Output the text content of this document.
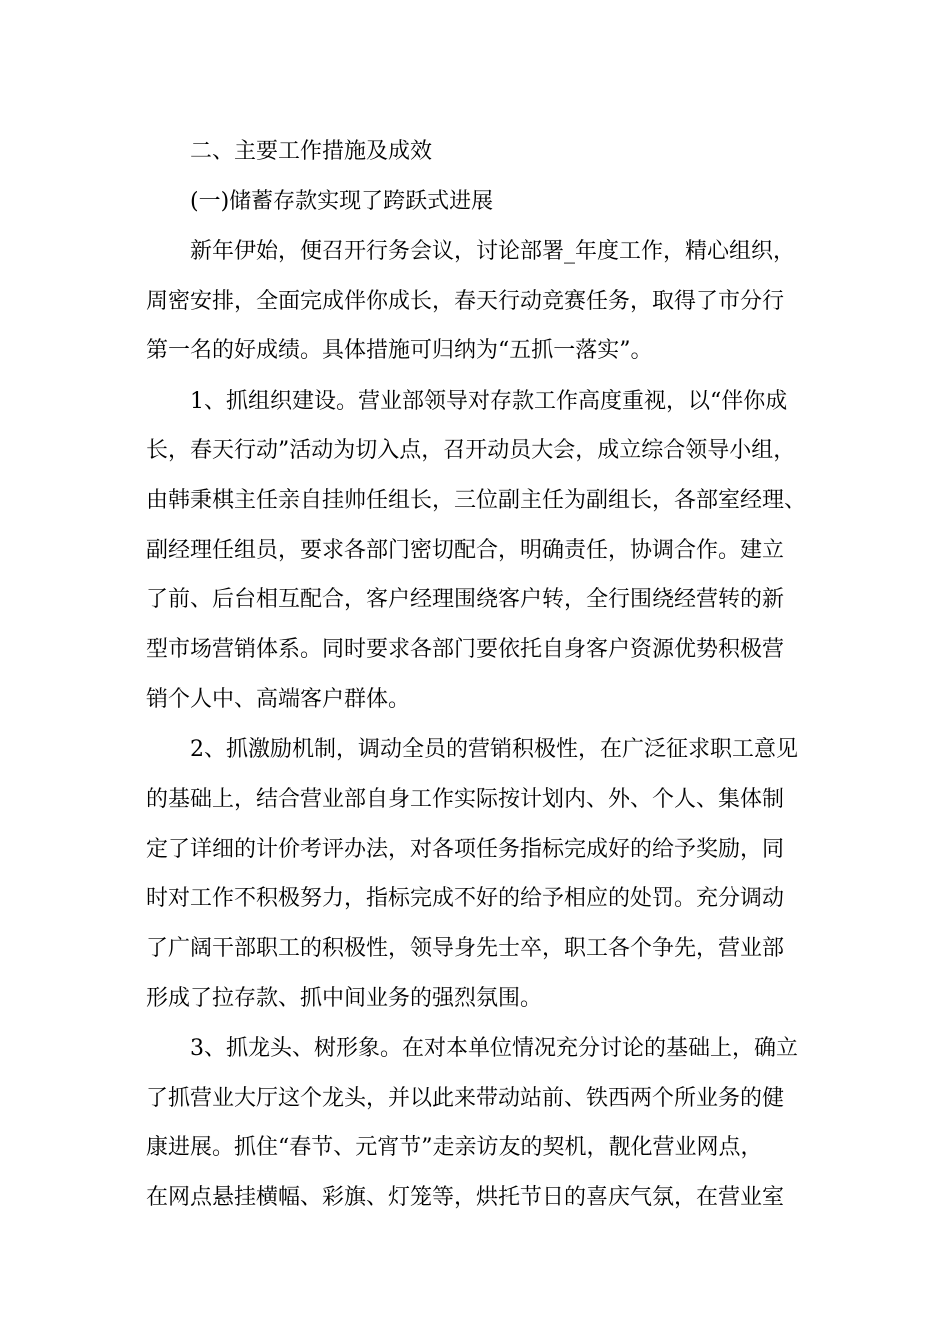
二、主要工作措施及成效
(一)储蓄存款实现了跨跃式进展
新年伊始，便召开行务会议，讨论部署_年度工作，精心组织，
周密安排，全面完成伴你成长，春天行动竞赛任务，取得了市分行
第一名的好成绩。具体措施可归纳为“五抓一落实”。
1、抓组织建设。营业部领导对存款工作高度重视，以“伴你成
长，春天行动”活动为切入点，召开动员大会，成立综合领导小组，
由韩秉棋主任亲自挂帅任组长，三位副主任为副组长，各部室经理、
副经理任组员，要求各部门密切配合，明确责任，协调合作。建立
了前、后台相互配合，客户经理围绕客户转，全行围绕经营转的新
型市场营销体系。同时要求各部门要依托自身客户资源优势积极营
销个人中、高端客户群体。
2、抓激励机制，调动全员的营销积极性，在广泛征求职工意见
的基础上，结合营业部自身工作实际按计划内、外、个人、集体制
定了详细的计价考评办法，对各项任务指标完成好的给予奖励，同
时对工作不积极努力，指标完成不好的给予相应的处罚。充分调动
了广阔干部职工的积极性，领导身先士卒，职工各个争先，营业部
形成了拉存款、抓中间业务的强烈氛围。
3、抓龙头、树形象。在对本单位情况充分讨论的基础上，确立
了抓营业大厅这个龙头，并以此来带动站前、铁西两个所业务的健
康进展。抓住“春节、元宵节”走亲访友的契机，靓化营业网点，
在网点悬挂横幅、彩旗、灯笼等，烘托节日的喜庆气氛，在营业室
